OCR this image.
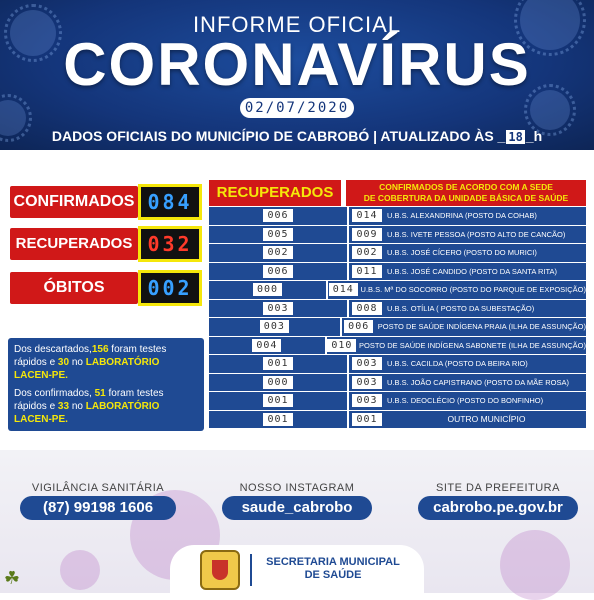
INFORME OFICIAL
CORONAVÍRUS
02/07/2020
DADOS OFICIAIS DO MUNICÍPIO DE CABROBÓ | ATUALIZADO ÀS _ 18 _h
CONFIRMADOS 084
RECUPERADOS 032
ÓBITOS	002
Dos descartados,156 foram testes rápidos e 30 no LABORATÓRIO LACEN-PE.
Dos confirmados, 51 foram testes rápidos e 33 no LABORATÓRIO LACEN-PE.
RECUPERADOS	CONFIRMADOS DE ACORDO COM A SEDE
DE COBERTURA DA UNIDADE BÁSICA DE SAÚDE
006	014	U.B.S. ALEXANDRINA (POSTO DA COHAB)
005	009	U.B.S. IVETE PESSOA (POSTO ALTO DE CANCÃO)
002	002	U.B.S. JOSÉ CÍCERO (POSTO DO MURICI)
006	011	U.B.S. JOSÉ CANDIDO (POSTO DA SANTA RITA)
000	014 U.B.S. Mª DO SOCORRO (POSTO DO PARQUE DE EXPOSIÇÃO)
003	008	U.B.S. OTÍLIA ( POSTO DA SUBESTAÇÃO)
003	006	POSTO DE SAÚDE INDÍGENA PRAIA (ILHA DE ASSUNÇÃO)
004	010 POSTO DE SAÚDE INDÍGENA SABONETE (ILHA DE ASSUNÇÃO)
001	003	U.B.S. CACILDA (POSTO DA BEIRA RIO)
000	003	U.B.S. JOÃO CAPISTRANO (POSTO DA MÃE ROSA)
001	003	U.B.S. DEOCLÉCIO (POSTO DO BONFINHO)
001	001	OUTRO MUNICÍPIO
VIGILÂNCIA SANITÁRIA
(87) 99198 1606
NOSSO INSTAGRAM
saude_cabrobo
SITE DA PREFEITURA
cabrobo.pe.gov.br
SECRETARIA MUNICIPAL
DE SAÚDE
☘
